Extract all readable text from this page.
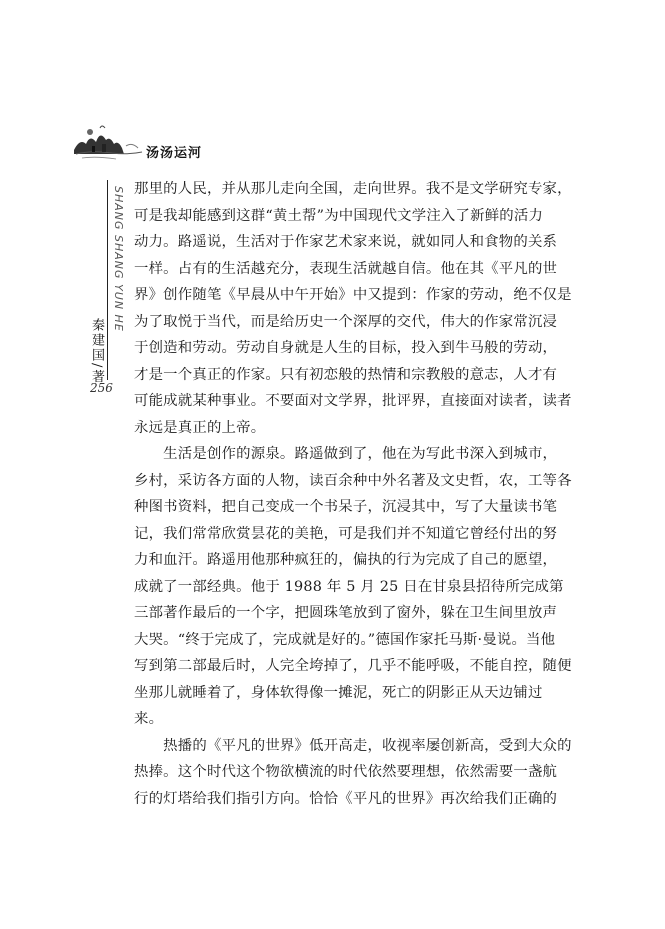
汤汤运河
SHANG SHANG YUN HE
秦建国/著
256
那里的人民，并从那儿走向全国，走向世界。我不是文学研究专家，
可是我却能感到这群“黄土帮”为中国现代文学注入了新鲜的活力
动力。路遥说，生活对于作家艺术家来说，就如同人和食物的关系
一样。占有的生活越充分，表现生活就越自信。他在其《平凡的世
界》创作随笔《早晨从中午开始》中又提到：作家的劳动，绝不仅是
为了取悦于当代，而是给历史一个深厚的交代，伟大的作家常沉浸
于创造和劳动。劳动自身就是人生的目标，投入到牛马般的劳动，
才是一个真正的作家。只有初恋般的热情和宗教般的意志，人才有
可能成就某种事业。不要面对文学界，批评界，直接面对读者，读者
永远是真正的上帝。
　　生活是创作的源泉。路遥做到了，他在为写此书深入到城市，
乡村，采访各方面的人物，读百余种中外名著及文史哲，农，工等各
种图书资料，把自己变成一个书呆子，沉浸其中，写了大量读书笔
记，我们常常欣赏昙花的美艳，可是我们并不知道它曾经付出的努
力和血汗。路遥用他那种疯狂的，偏执的行为完成了自己的愿望，
成就了一部经典。他于 1988 年 5 月 25 日在甘泉县招待所完成第
三部著作最后的一个字，把圆珠笔放到了窗外，躲在卫生间里放声
大哭。“终于完成了，完成就是好的。”德国作家托马斯·曼说。当他
写到第二部最后时，人完全垮掉了，几乎不能呼吸，不能自控，随便
坐那儿就睡着了，身体软得像一摊泥，死亡的阴影正从天边铺过
来。
　　热播的《平凡的世界》低开高走，收视率屡创新高，受到大众的
热捧。这个时代这个物欲横流的时代依然要理想，依然需要一盏航
行的灯塔给我们指引方向。恰恰《平凡的世界》再次给我们正确的
